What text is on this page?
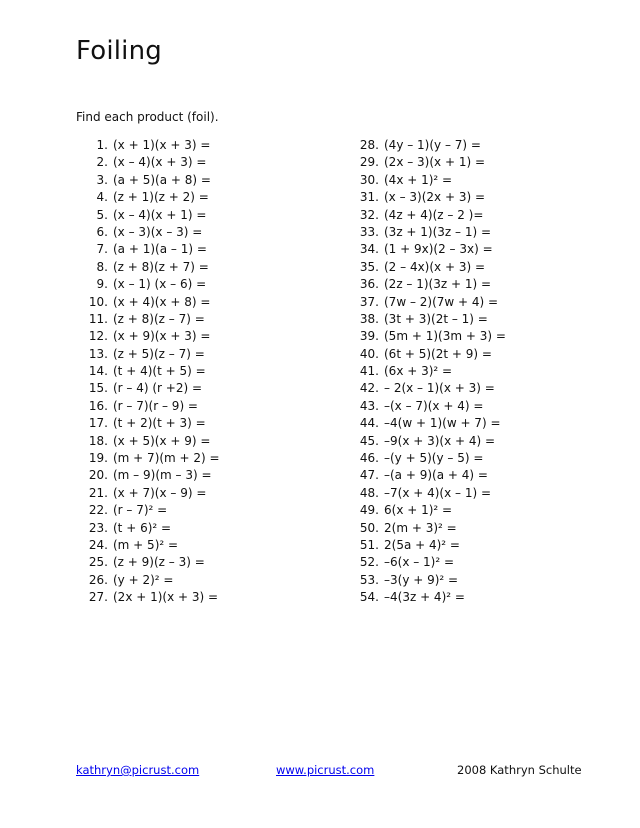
Foiling
Find each product (foil).
1. (x + 1)(x + 3) =
2. (x – 4)(x + 3) =
3. (a + 5)(a + 8) =
4. (z + 1)(z + 2) =
5. (x – 4)(x + 1) =
6. (x – 3)(x – 3) =
7. (a + 1)(a – 1) =
8. (z + 8)(z + 7) =
9. (x – 1) (x – 6) =
10. (x + 4)(x + 8) =
11. (z + 8)(z – 7) =
12. (x + 9)(x + 3) =
13. (z + 5)(z – 7) =
14. (t + 4)(t + 5) =
15. (r – 4) (r +2) =
16. (r – 7)(r – 9) =
17. (t + 2)(t + 3) =
18. (x + 5)(x + 9) =
19. (m + 7)(m + 2) =
20. (m – 9)(m – 3) =
21. (x + 7)(x – 9) =
22. (r – 7)² =
23. (t + 6)² =
24. (m + 5)² =
25. (z + 9)(z – 3) =
26. (y + 2)² =
27. (2x + 1)(x + 3) =
28. (4y – 1)(y – 7) =
29. (2x – 3)(x + 1) =
30. (4x + 1)² =
31. (x – 3)(2x + 3) =
32. (4z + 4)(z – 2 )=
33. (3z + 1)(3z – 1) =
34. (1 + 9x)(2 – 3x) =
35. (2 – 4x)(x + 3) =
36. (2z – 1)(3z + 1) =
37. (7w – 2)(7w + 4) =
38. (3t + 3)(2t – 1) =
39. (5m + 1)(3m + 3) =
40. (6t + 5)(2t + 9) =
41. (6x + 3)² =
42. – 2(x – 1)(x + 3) =
43. –(x – 7)(x + 4) =
44. –4(w + 1)(w + 7) =
45. –9(x + 3)(x + 4) =
46. –(y + 5)(y – 5) =
47. –(a + 9)(a + 4) =
48. –7(x + 4)(x – 1) =
49. 6(x + 1)² =
50. 2(m + 3)² =
51. 2(5a + 4)² =
52. –6(x – 1)² =
53. –3(y + 9)² =
54. –4(3z + 4)² =
kathryn@picrust.com	www.picrust.com	2008 Kathryn Schulte
